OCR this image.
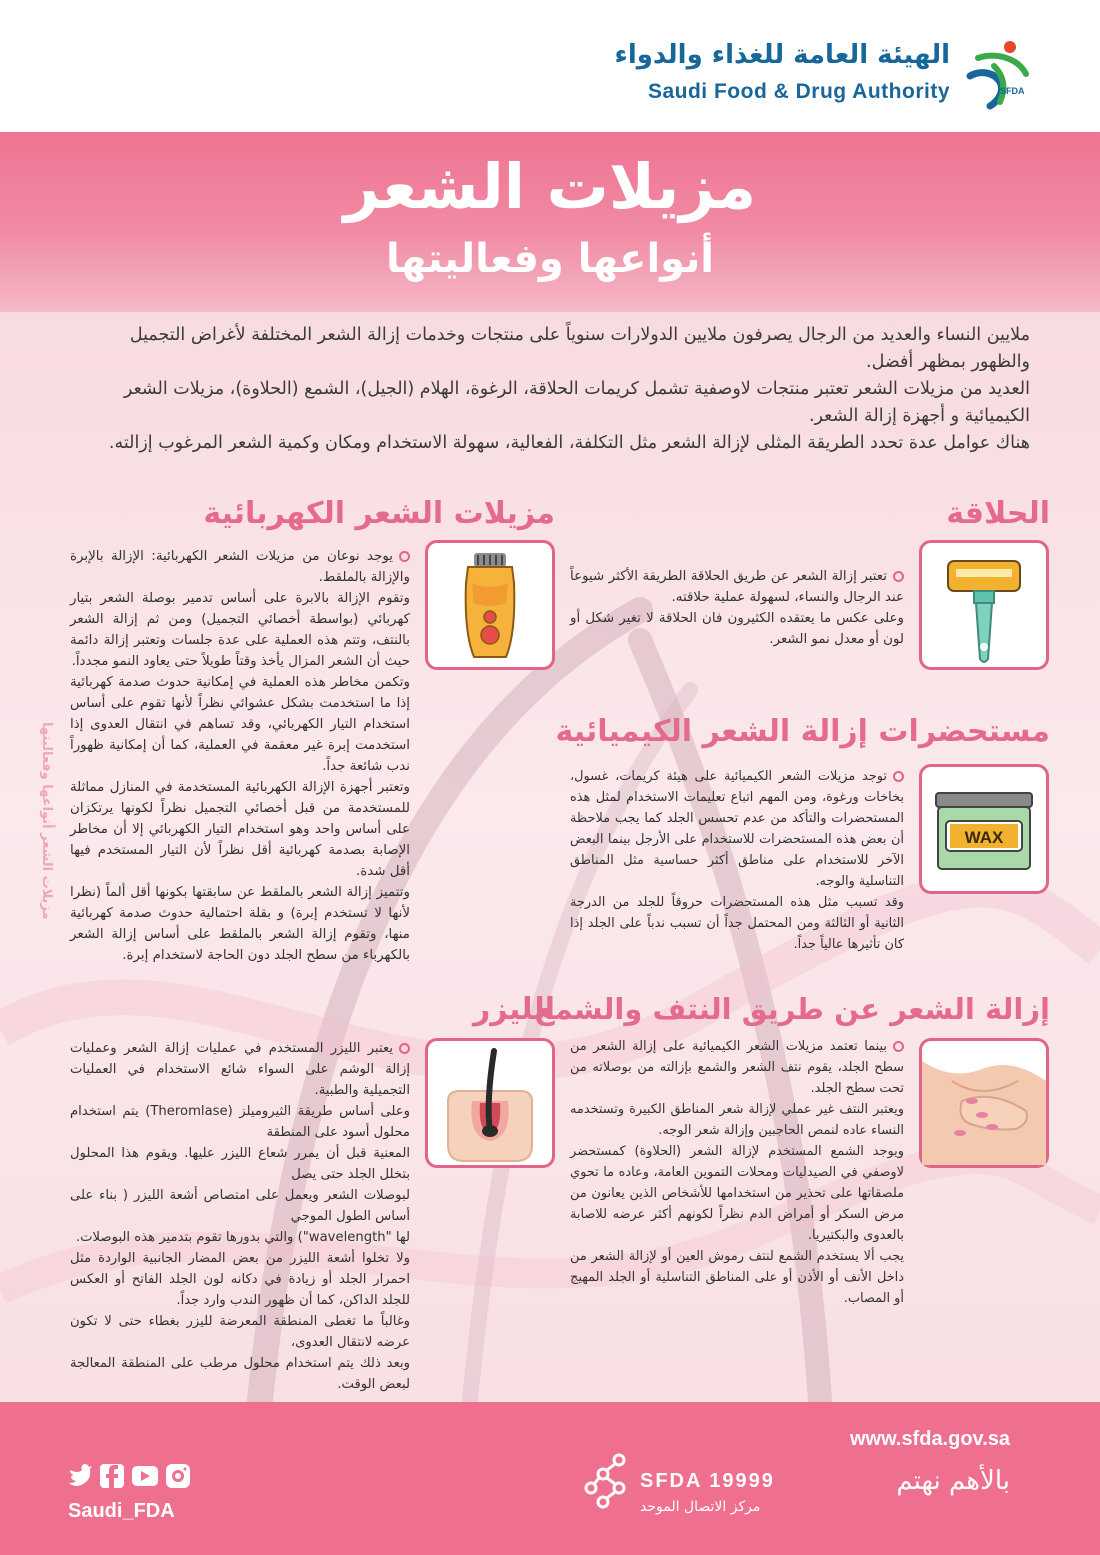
الهيئة العامة للغذاء والدواء
Saudi Food & Drug Authority	SFDA
مزيلات الشعر
أنواعها وفعاليتها

ملايين النساء والعديد من الرجال يصرفون ملايين الدولارات سنوياً على منتجات وخدمات إزالة الشعر المختلفة لأغراض التجميل والظهور بمظهر أفضل.

العديد من مزيلات الشعر تعتبر منتجات لاوصفية تشمل كريمات الحلاقة، الرغوة، الهلام (الجيل)، الشمع (الحلاوة)، مزيلات الشعر الكيميائية و أجهزة إزالة الشعر.

هناك عوامل عدة تحدد الطريقة المثلى لإزالة الشعر مثل التكلفة، الفعالية، سهولة الاستخدام ومكان وكمية الشعر المرغوب إزالته.

الحلاقة

تعتبر إزالة الشعر عن طريق الحلاقة الطريقة الأكثر شيوعاً عند الرجال والنساء، لسهولة عملية حلاقته.

وعلى عكس ما يعتقده الكثيرون فان الحلاقة لا تغير شكل أو لون أو معدل نمو الشعر.

مزيلات الشعر الكهربائية

يوجد نوعان من مزيلات الشعر الكهربائية: الإزالة بالإبرة والإزالة بالملقط.

وتقوم الإزالة بالابرة على أساس تدمير بوصلة الشعر بتيار كهربائي (بواسطة أخصائي التجميل) ومن ثم إزالة الشعر بالنتف، وتتم هذه العملية على عدة جلسات وتعتبر إزالة دائمة حيث أن الشعر المزال يأخذ وقتاً طويلاً حتى يعاود النمو مجدداً.

وتكمن مخاطر هذه العملية في إمكانية حدوث صدمة كهربائية إذا ما استخدمت بشكل عشوائي نظراً لأنها تقوم على أساس استخدام التيار الكهربائي، وقد تساهم في انتقال العدوى إذا استخدمت إبرة غير معقمة في العملية، كما أن إمكانية ظهوراً ندب شائعة جداً.

وتعتبر أجهزة الإزالة الكهربائية المستخدمة في المنازل مماثلة للمستخدمة من قبل أخصائي التجميل نظراً لكونها يرتكزان على أساس واحد وهو استخدام التيار الكهربائي إلا أن مخاطر الإصابة بصدمة كهربائية أقل نظراً لأن التيار المستخدم فيها أقل شدة.

وتتميز إزالة الشعر بالملقط عن سابقتها بكونها أقل ألماً (نظرا لأنها لا تستخدم إبرة) و بقلة احتمالية حدوث صدمة كهربائية منها، وتقوم إزالة الشعر بالملقط على أساس إزالة الشعر بالكهرباء من سطح الجلد دون الحاجة لاستخدام إبرة.

مستحضرات إزالة الشعر الكيميائية
WAX

توجد مزيلات الشعر الكيميائية على هيئة كريمات، غسول، بخاخات ورغوة، ومن المهم اتباع تعليمات الاستخدام لمثل هذه المستحضرات والتأكد من عدم تحسس الجلد كما يجب ملاحظة أن بعض هذه المستحضرات للاستخدام على الأرجل بينما البعض الآخر للاستخدام على مناطق أكثر حساسية مثل المناطق التناسلية والوجه.

وقد تسبب مثل هذه المستحضرات حروقاً للجلد من الدرجة الثانية أو الثالثة ومن المحتمل جداً أن تسبب ندباً على الجلد إذا كان تأثيرها عالياً جداً.

مزيلات الشعر أنواعها وفعاليتها
إزالة الشعر عن طريق النتف والشمع

بينما تعتمد مزيلات الشعر الكيميائية على إزالة الشعر من سطح الجلد، يقوم نتف الشعر والشمع بإزالته من بوصلاته من تحت سطح الجلد.

ويعتبر النتف غير عملي لإزالة شعر المناطق الكبيرة وتستخدمه النساء عاده لنمص الحاجبين وإزالة شعر الوجه.

ويوجد الشمع المستخدم لإزالة الشعر (الحلاوة) كمستحضر لاوصفي في الصيدليات ومحلات التموين العامة، وعاده ما تحوي ملصقاتها على تحذير من استخدامها للأشخاص الذين يعانون من مرض السكر أو أمراض الدم نظراً لكونهم أكثر عرضه للاصابة بالعدوى والبكتيريا.

يجب ألا يستخدم الشمع لنتف رموش العين أو لإزالة الشعر من داخل الأنف أو الأذن أو على المناطق التناسلية أو الجلد المهيج أو المصاب.

الليزر

يعتبر الليزر المستخدم في عمليات إزالة الشعر وعمليات إزالة الوشم على السواء شائع الاستخدام في العمليات التجميلية والطبية.

وعلى أساس طريقة الثيروميلز (Theromlase) يتم استخدام محلول أسود على المنطقة

المعنية قبل أن يمرر شعاع الليزر عليها. ويقوم هذا المحلول بتخلل الجلد حتى يصل

لبوصلات الشعر ويعمل على امتصاص أشعة الليزر ( بناء على أساس الطول الموجي

لها "wavelength") والتي بدورها تقوم بتدمير هذه البوصلات.

ولا تخلوا أشعة الليزر من بعض المضار الجانبية الواردة مثل احمرار الجلد أو زيادة في دكانه لون الجلد الفاتح أو العكس للجلد الداكن، كما أن ظهور الندب وارد جداً.

وغالباً ما تغطى المنطقة المعرضة لليزر بغطاء حتى لا تكون عرضه لانتقال العدوى،

وبعد ذلك يتم استخدام محلول مرطب على المنطقة المعالجة لبعض الوقت.

www.sfda.gov.sa
بالأهم نهتم
SFDA 19999
مركز الاتصال الموحد
Saudi_FDA
